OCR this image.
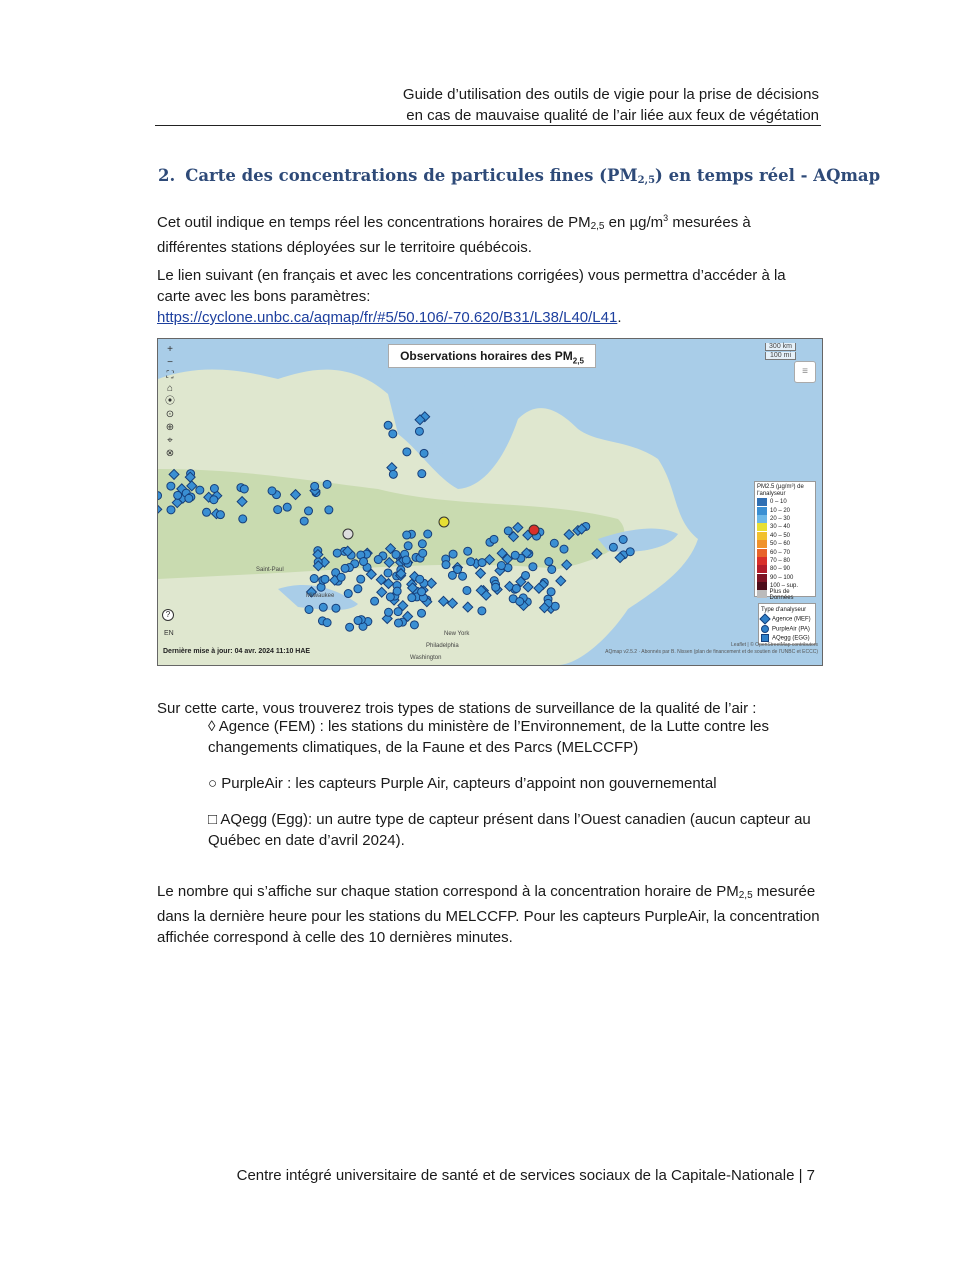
Guide d’utilisation des outils de vigie pour la prise de décisions
en cas de mauvaise qualité de l’air liée aux feux de végétation
2. Carte des concentrations de particules fines $(PM_{2,5})$ en temps réel - AQmap

Cet outil indique en temps réel les concentrations horaires de $PM_{2,5}$ en $\mu g/m^3$ mesurées à différentes stations déployées sur le territoire québécois.

Le lien suivant (en français et avec les concentrations corrigées) vous permettra d’accéder à la carte avec les bons paramètres: https://cyclone.unbc.ca/aqmap/fr/#5/50.106/-70.620/B31/L38/L40/L41.

Observations horaires des $PM_{2,5}$
+
−
⛶
⌂
⦿
⊙
⊕
⌖
⊗
300 km
100 mi
≡
PM2.5 (µg/m³) de l'analyseur
0 – 10
10 – 20
20 – 30
30 – 40
40 – 50
50 – 60
60 – 70
70 – 80
80 – 90
90 – 100
100 – sup.
Plus de Données
Type d'analyseur
Agence (MEF)
PurpleAir (PA)
AQegg (EGG)
Saint-Paul
Milwaukee
New York
Philadelphia
Washington
?
EN
Dernière mise à jour: 04 avr. 2024 11:10 HAE
Leaflet | © OpenStreetMap contributors
AQmap v2.5.2 · Abonnés par B. Nissen (plan de financement et de soutien de l’UNBC et ECCC)

Sur cette carte, vous trouverez trois types de stations de surveillance de la qualité de l’air :

◊ Agence (FEM) : les stations du ministère de l’Environnement, de la Lutte contre les changements climatiques, de la Faune et des Parcs (MELCCFP)
○ PurpleAir : les capteurs Purple Air, capteurs d’appoint non gouvernemental
□ AQegg (Egg): un autre type de capteur présent dans l’Ouest canadien (aucun capteur au Québec en date d’avril 2024).

Le nombre qui s’affiche sur chaque station correspond à la concentration horaire de $PM_{2,5}$ mesurée dans la dernière heure pour les stations du MELCCFP. Pour les capteurs PurpleAir, la concentration affichée correspond à celle des 10 dernières minutes.

Centre intégré universitaire de santé et de services sociaux de la Capitale-Nationale | 7
